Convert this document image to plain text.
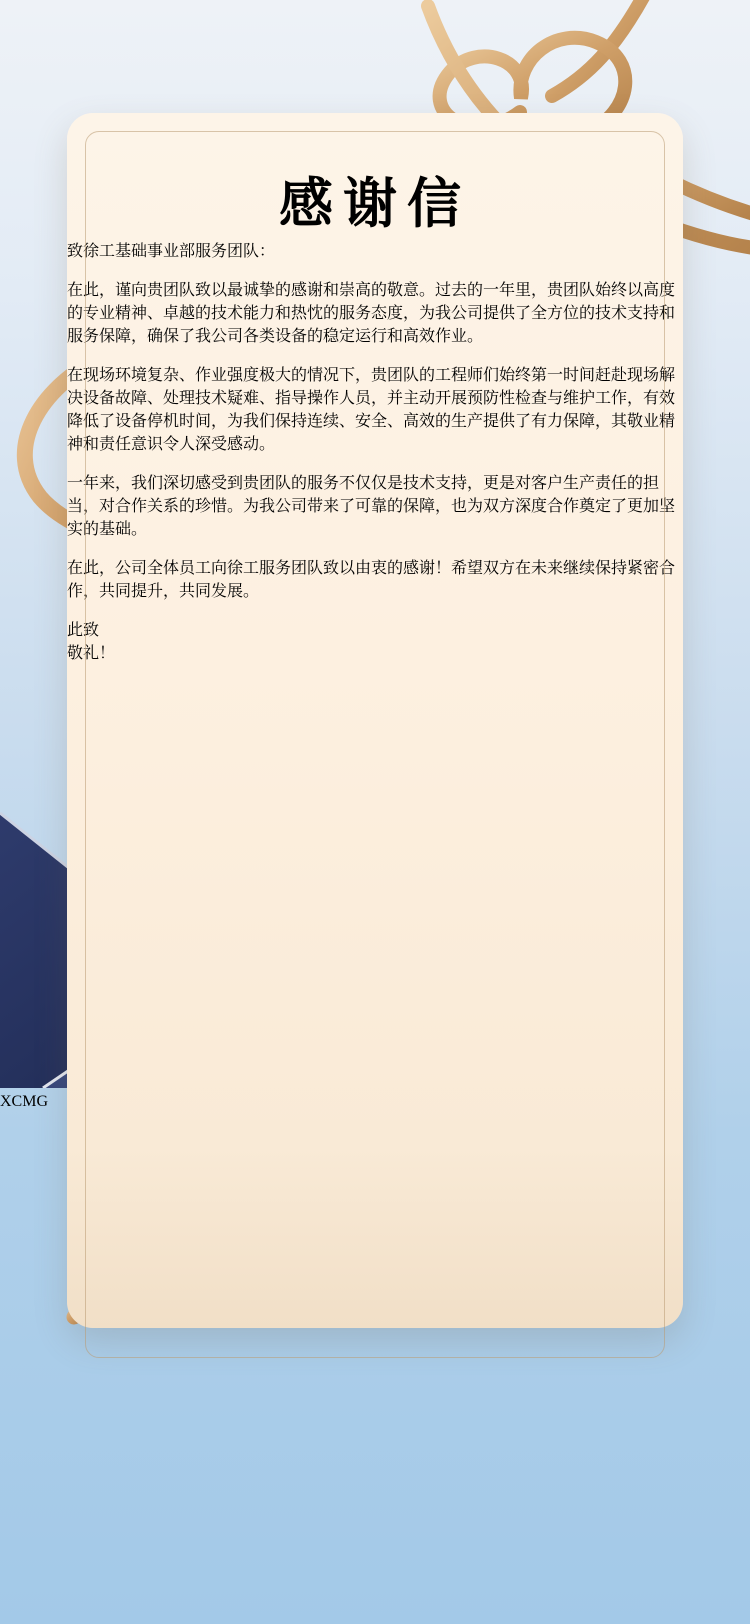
感谢信
致徐工基础事业部服务团队：

在此，谨向贵团队致以最诚挚的感谢和崇高的敬意。过去的一年里，贵团队始终以高度的专业精神、卓越的技术能力和热忱的服务态度，为我公司提供了全方位的技术支持和服务保障，确保了我公司各类设备的稳定运行和高效作业。

在现场环境复杂、作业强度极大的情况下，贵团队的工程师们始终第一时间赶赴现场解决设备故障、处理技术疑难、指导操作人员，并主动开展预防性检查与维护工作，有效降低了设备停机时间，为我们保持连续、安全、高效的生产提供了有力保障，其敬业精神和责任意识令人深受感动。

一年来，我们深切感受到贵团队的服务不仅仅是技术支持，更是对客户生产责任的担当，对合作关系的珍惜。为我公司带来了可靠的保障，也为双方深度合作奠定了更加坚实的基础。

在此，公司全体员工向徐工服务团队致以由衷的感谢！希望双方在未来继续保持紧密合作，共同提升，共同发展。

此致
敬礼！
XCMG
